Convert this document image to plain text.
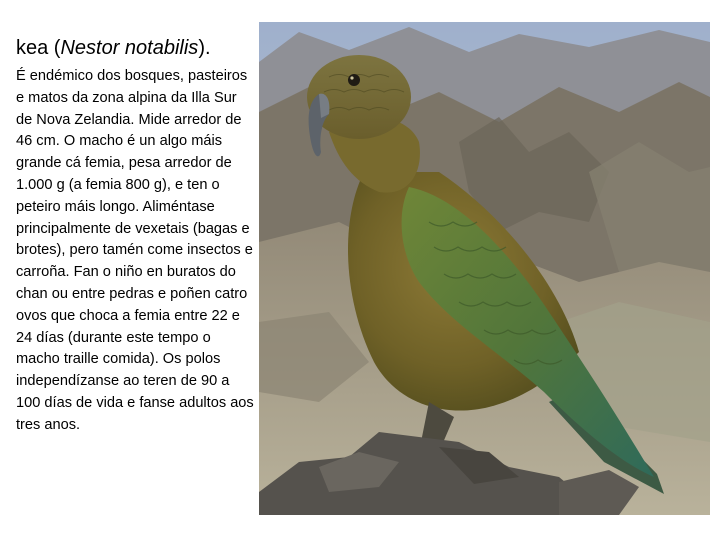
kea (Nestor notabilis).

É endémico dos bosques, pasteiros e matos da zona alpina da Illa Sur de Nova Zelandia. Mide arredor de 46 cm. O macho é un algo máis grande cá femia, pesa arredor de 1.000 g (a femia 800 g), e ten o peteiro máis longo. Aliméntase principalmente de vexetais (bagas e brotes), pero tamén come insectos e carroña. Fan o niño en buratos do chan ou entre pedras e poñen catro ovos que choca a femia entre 22 e 24 días (durante este tempo o macho traille comida). Os polos independízanse ao teren de 90 a 100 días de vida e fanse adultos aos tres anos.
